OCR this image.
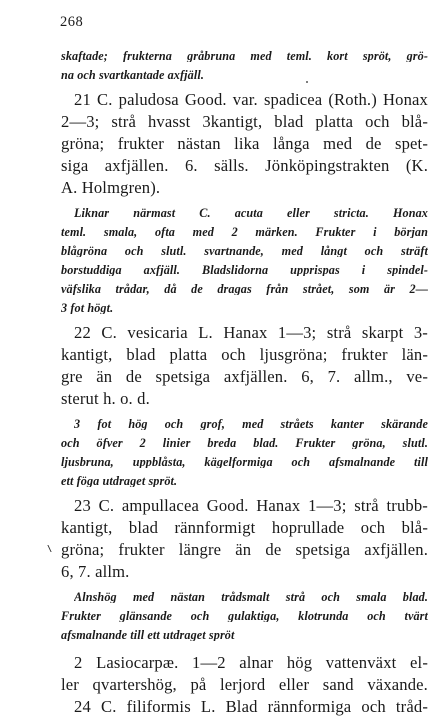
268
skaftade; frukterna gråbruna med teml. kort spröt, grö-
na och svartkantade axfjäll.
21 C. paludosa Good. var. spadicea (Roth.) Honax
2—3; strå hvasst 3kantigt, blad platta och blå-
gröna; frukter nästan lika långa med de spet-
siga axfjällen. 6. sälls. Jönköpingstrakten (K.
A. Holmgren).
Liknar närmast C. acuta eller stricta. Honax
teml. smala, ofta med 2 märken. Frukter i början
blågröna och slutl. svartnande, med långt och sträft
borstuddiga axfjäll. Bladslidorna upprispas i spindel-
väfslika trådar, då de dragas från strået, som är 2—
3 fot högt.
22 C. vesicaria L. Hanax 1—3; strå skarpt 3-
kantigt, blad platta och ljusgröna; frukter län-
gre än de spetsiga axfjällen. 6, 7. allm., ve-
sterut h. o. d.
3 fot hög och grof, med stråets kanter skärande
och öfver 2 linier breda blad. Frukter gröna, slutl.
ljusbruna, uppblåsta, kägelformiga och afsmalnande till
ett föga utdraget spröt.
23 C. ampullacea Good. Hanax 1—3; strå trubb-
kantigt, blad rännformigt hoprullade och blå-
gröna; frukter längre än de spetsiga axfjällen.
6, 7. allm.
Alnshög med nästan trådsmalt strå och smala blad.
Frukter glänsande och gulaktiga, klotrunda och tvärt
afsmalnande till ett utdraget spröt
2 Lasiocarpæ. 1—2 alnar hög vattenväxt el-
ler qvartershög, på lerjord eller sand växande.
24 C. filiformis L. Blad rännformiga och tråd-
